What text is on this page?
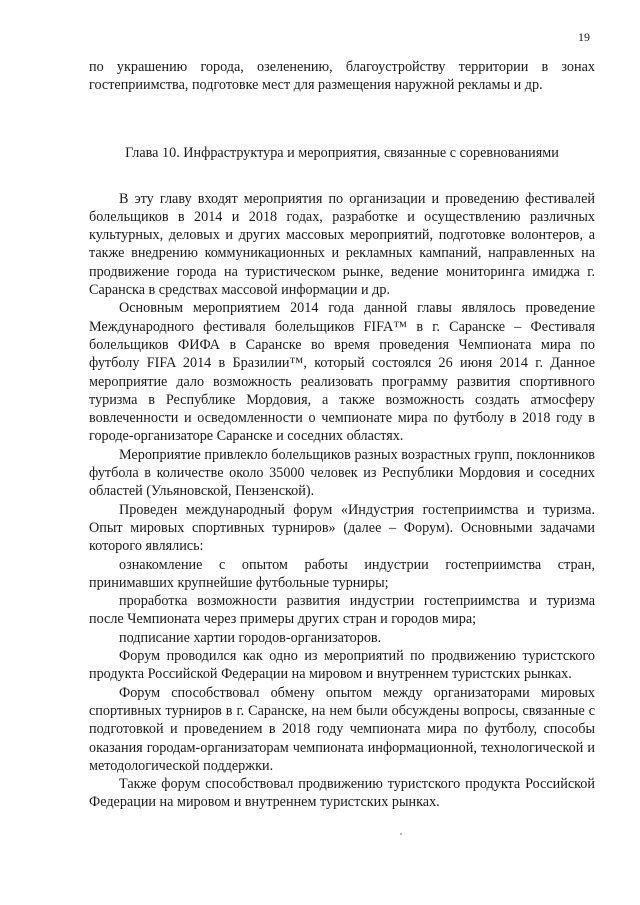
19

по украшению города, озеленению, благоустройству территории в зонах гостеприимства, подготовке мест для размещения наружной рекламы и др.

Глава 10. Инфраструктура и мероприятия, связанные с соревнованиями

В эту главу входят мероприятия по организации и проведению фестивалей болельщиков в 2014 и 2018 годах, разработке и осуществлению различных культурных, деловых и других массовых мероприятий, подготовке волонтеров, а также внедрению коммуникационных и рекламных кампаний, направленных на продвижение города на туристическом рынке, ведение мониторинга имиджа г. Саранска в средствах массовой информации и др.

Основным мероприятием 2014 года данной главы являлось проведение Международного фестиваля болельщиков FIFA™ в г. Саранске – Фестиваля болельщиков ФИФА в Саранске во время проведения Чемпионата мира по футболу FIFA 2014 в Бразилии™, который состоялся 26 июня 2014 г. Данное мероприятие дало возможность реализовать программу развития спортивного туризма в Республике Мордовия, а также возможность создать атмосферу вовлеченности и осведомленности о чемпионате мира по футболу в 2018 году в городе-организаторе Саранске и соседних областях.

Мероприятие привлекло болельщиков разных возрастных групп, поклонников футбола в количестве около 35000 человек из Республики Мордовия и соседних областей (Ульяновской, Пензенской).

Проведен международный форум «Индустрия гостеприимства и туризма. Опыт мировых спортивных турниров» (далее – Форум). Основными задачами которого являлись:

ознакомление с опытом работы индустрии гостеприимства стран, принимавших крупнейшие футбольные турниры;

проработка возможности развития индустрии гостеприимства и туризма после Чемпионата через примеры других стран и городов мира;

подписание хартии городов-организаторов.

Форум проводился как одно из мероприятий по продвижению туристского продукта Российской Федерации на мировом и внутреннем туристских рынках.

Форум способствовал обмену опытом между организаторами мировых спортивных турниров в г. Саранске, на нем были обсуждены вопросы, связанные с подготовкой и проведением в 2018 году чемпионата мира по футболу, способы оказания городам-организаторам чемпионата информационной, технологической и методологической поддержки.

Также форум способствовал продвижению туристского продукта Российской Федерации на мировом и внутреннем туристских рынках.
